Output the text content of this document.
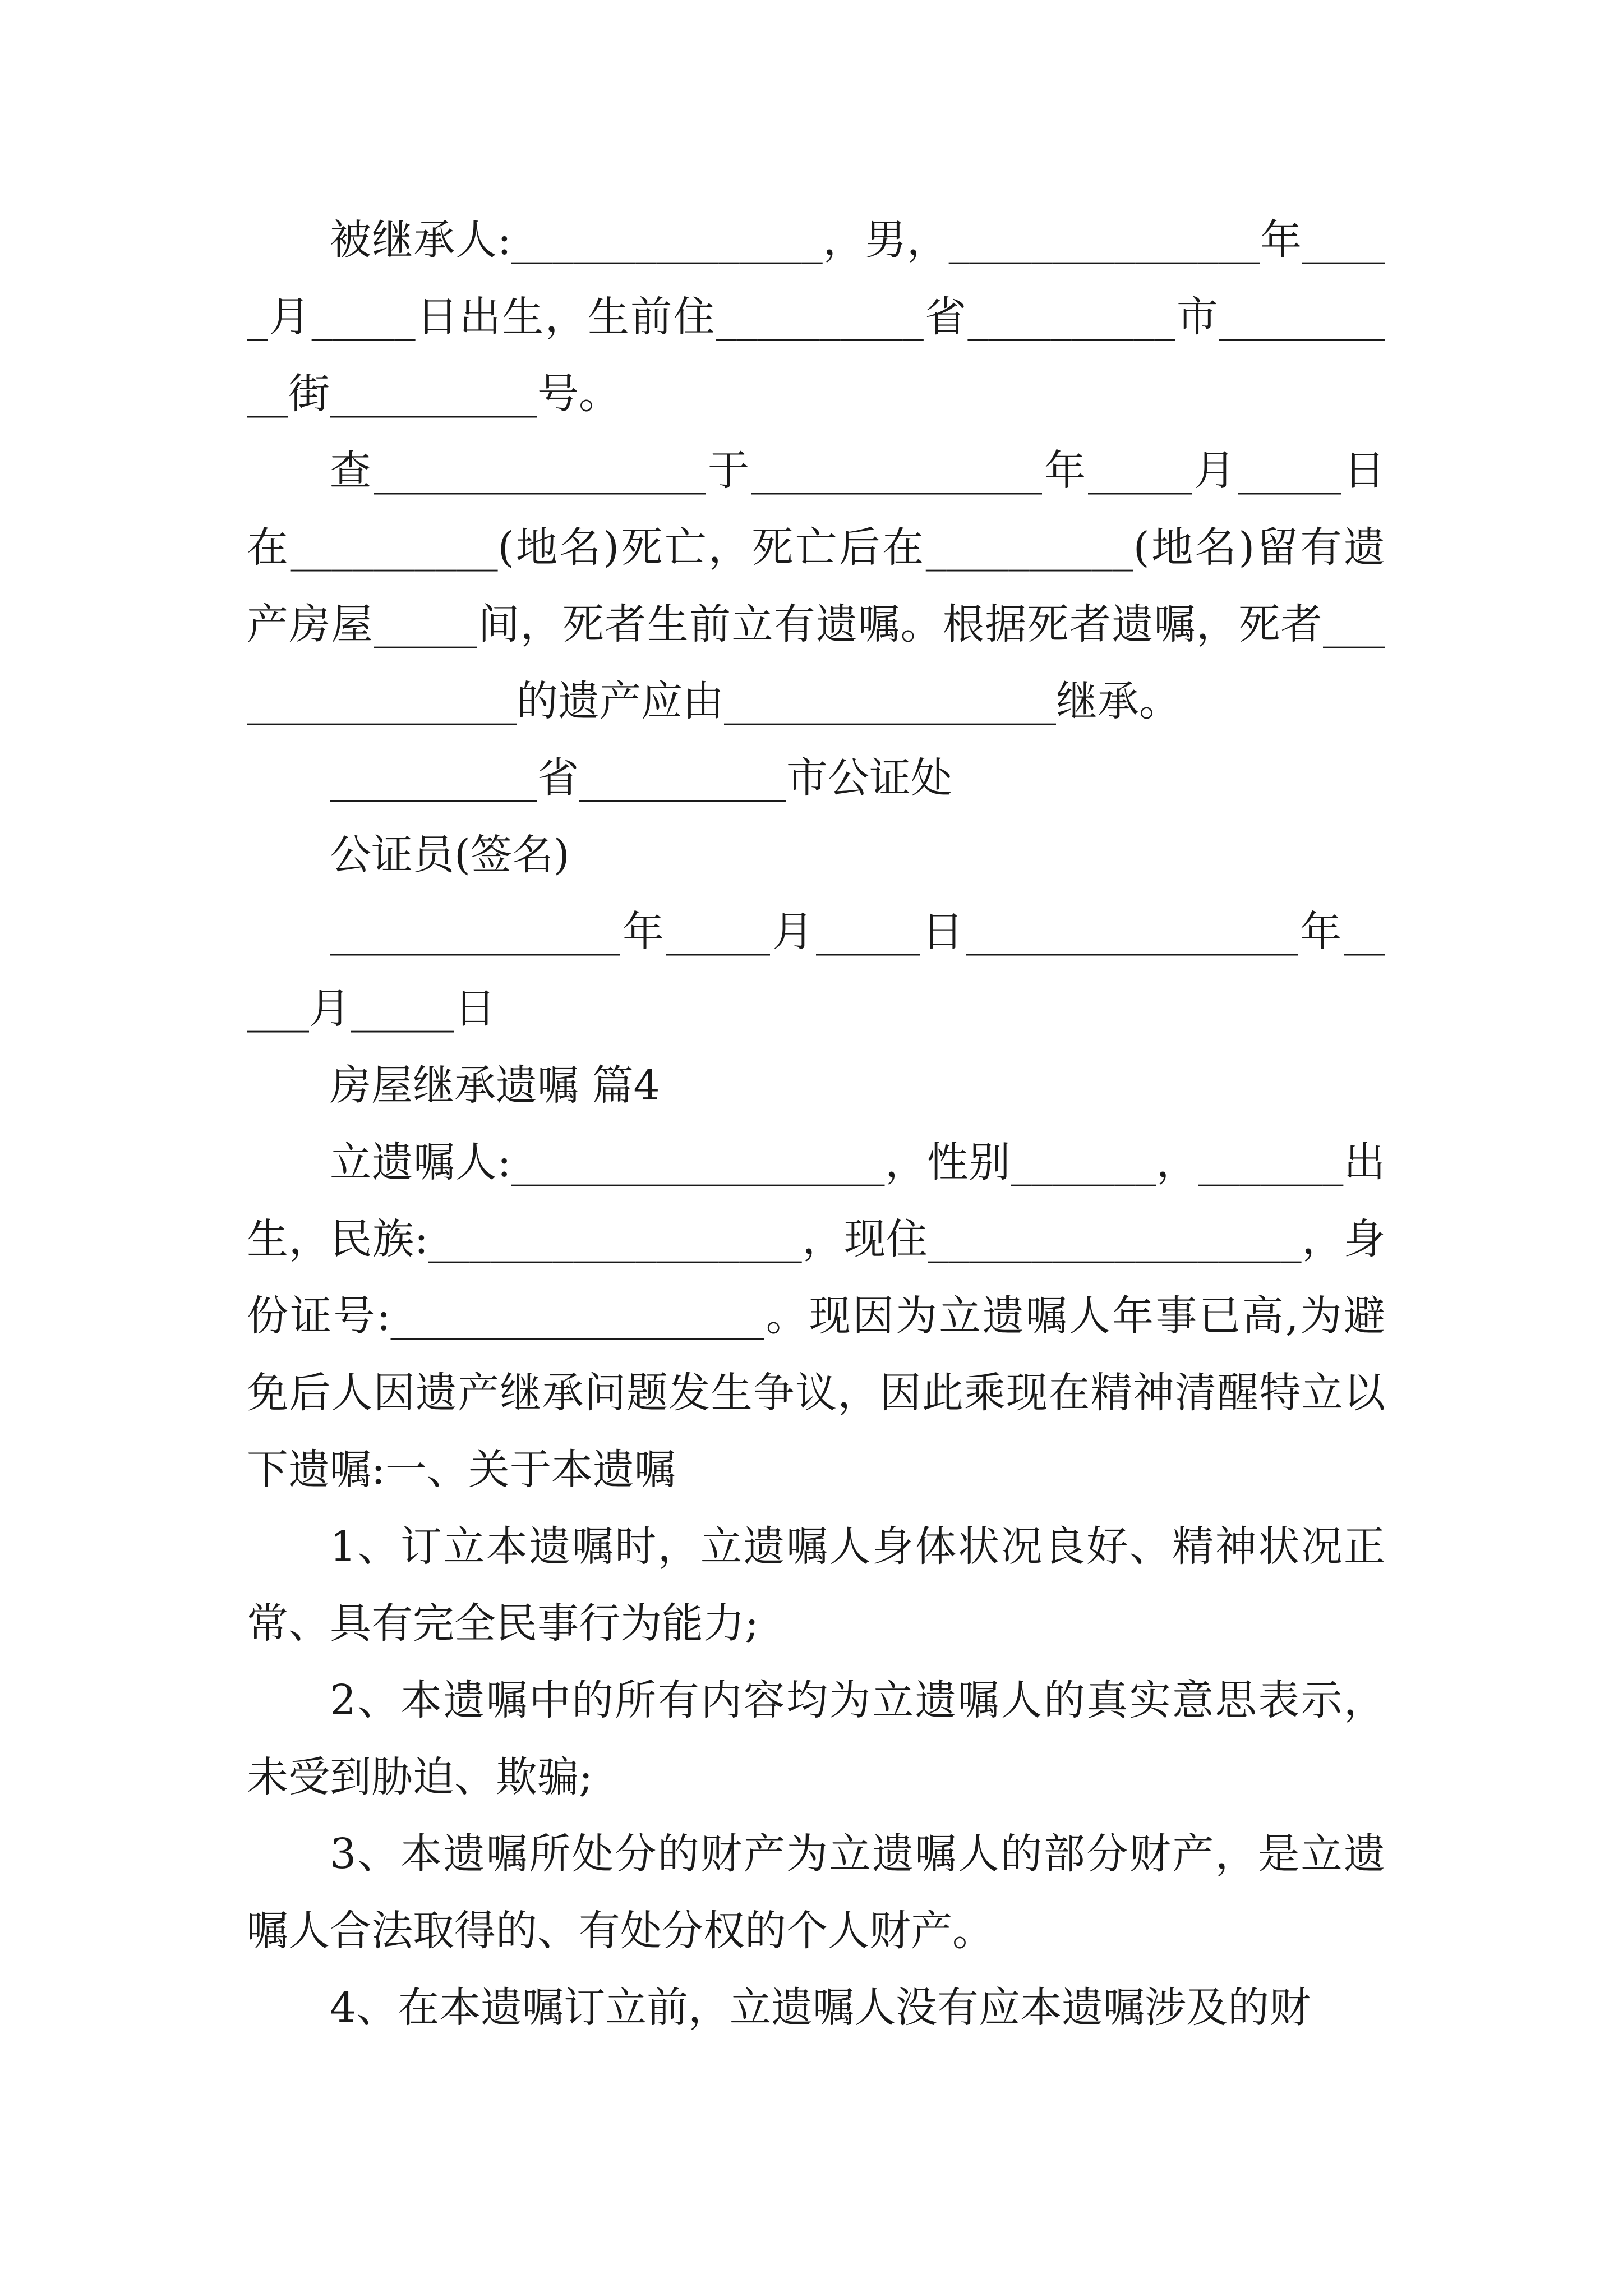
被继承人:_______________，男，_______________年_____月_____日出生，生前住__________省__________市__________街__________号。

查________________于______________年_____月_____日在__________(地名)死亡，死亡后在__________(地名)留有遗产房屋_____间，死者生前立有遗嘱。根据死者遗嘱，死者________________的遗产应由________________继承。

__________省__________市公证处

公证员(签名)

______________年_____月_____日________________年_____月_____日

房屋继承遗嘱 篇4

立遗嘱人:__________________，性别_______，_______出生，民族:__________________，现住__________________，身份证号:__________________。现因为立遗嘱人年事已高,为避免后人因遗产继承问题发生争议，因此乘现在精神清醒特立以下遗嘱:一、关于本遗嘱

1、订立本遗嘱时，立遗嘱人身体状况良好、精神状况正常、具有完全民事行为能力;

2、本遗嘱中的所有内容均为立遗嘱人的真实意思表示，未受到胁迫、欺骗;

3、本遗嘱所处分的财产为立遗嘱人的部分财产，是立遗嘱人合法取得的、有处分权的个人财产。

4、在本遗嘱订立前，立遗嘱人没有应本遗嘱涉及的财
